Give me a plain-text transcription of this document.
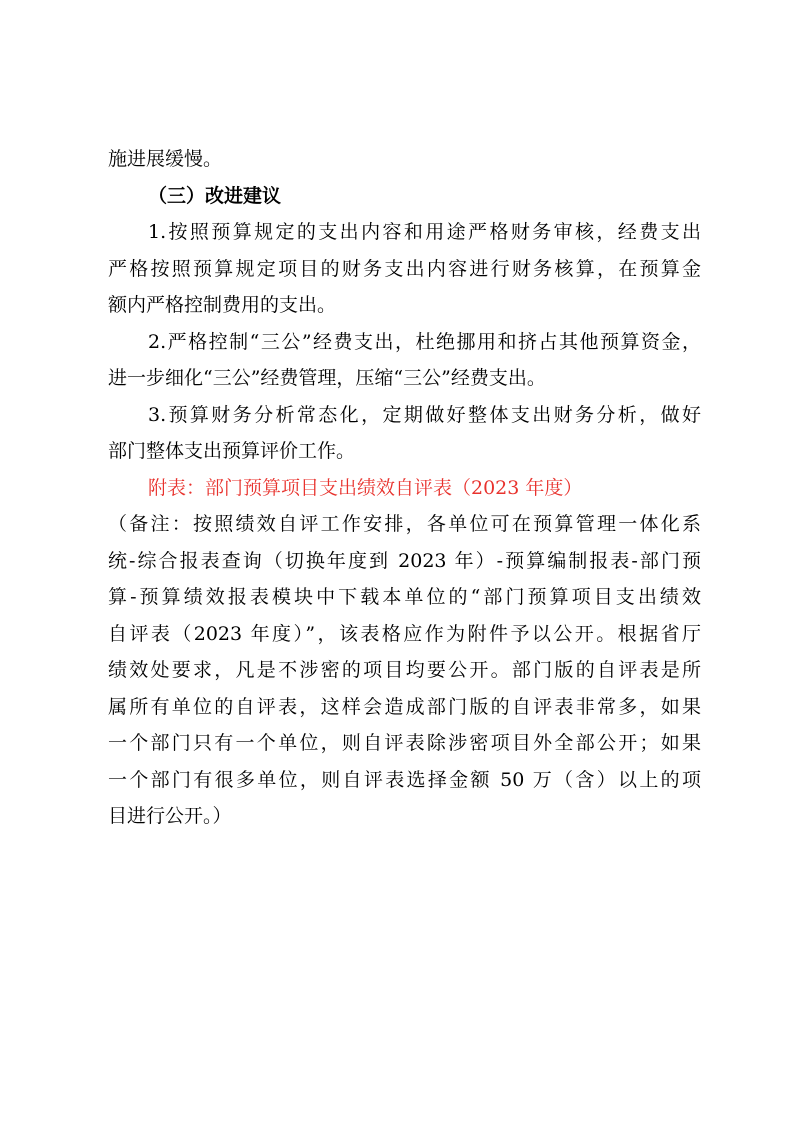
施进展缓慢。
（三）改进建议
1.按照预算规定的支出内容和用途严格财务审核，经费支出
严格按照预算规定项目的财务支出内容进行财务核算，在预算金
额内严格控制费用的支出。
2.严格控制“三公”经费支出，杜绝挪用和挤占其他预算资金，
进一步细化“三公”经费管理，压缩“三公”经费支出。
3.预算财务分析常态化，定期做好整体支出财务分析，做好
部门整体支出预算评价工作。
附表：部门预算项目支出绩效自评表（2023 年度）
（备注：按照绩效自评工作安排，各单位可在预算管理一体化系
统-综合报表查询（切换年度到 2023 年）-预算编制报表-部门预
算-预算绩效报表模块中下载本单位的“部门预算项目支出绩效
自评表（2023 年度）”，该表格应作为附件予以公开。根据省厅
绩效处要求，凡是不涉密的项目均要公开。部门版的自评表是所
属所有单位的自评表，这样会造成部门版的自评表非常多，如果
一个部门只有一个单位，则自评表除涉密项目外全部公开；如果
一个部门有很多单位，则自评表选择金额 50 万（含）以上的项
目进行公开。）
